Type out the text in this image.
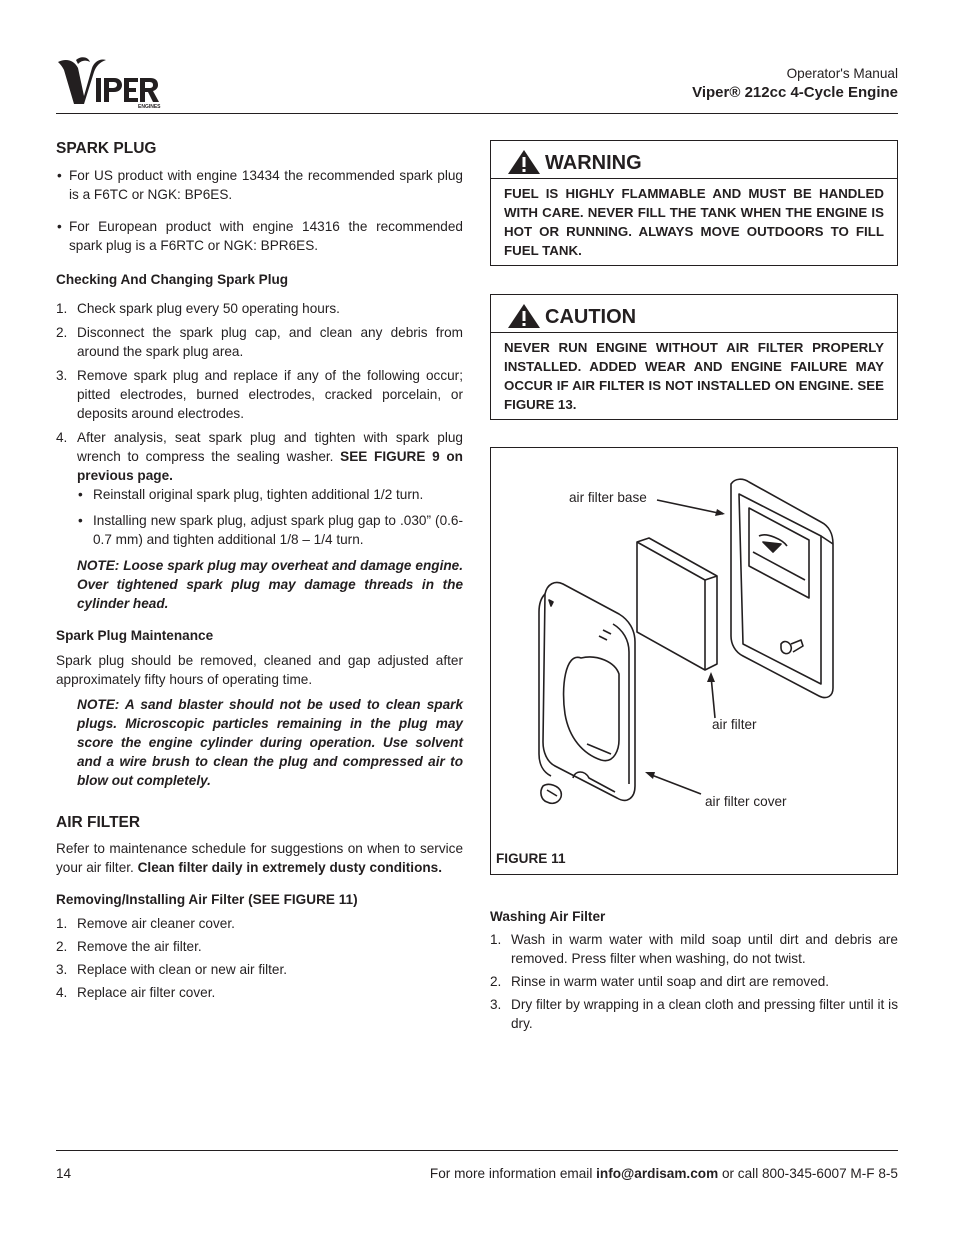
ENGINES
Operator's Manual
Viper® 212cc 4-Cycle Engine
SPARK PLUG
• For US product with engine 13434 the recommended spark plug is a F6TC or NGK: BP6ES.
• For European product with engine 14316 the recommended spark plug is a F6RTC or NGK: BPR6ES.
Checking And Changing Spark Plug
1. Check spark plug every 50 operating hours.
2. Disconnect the spark plug cap, and clean any debris from around the spark plug area.
3. Remove spark plug and replace if any of the following occur; pitted electrodes, burned electrodes, cracked porcelain, or deposits around electrodes.
4. After analysis, seat spark plug and tighten with spark plug wrench to compress the sealing washer. SEE FIGURE 9 on previous page.
• Reinstall original spark plug, tighten additional 1/2 turn.
• Installing new spark plug, adjust spark plug gap to .030” (0.6-0.7 mm) and tighten additional 1/8 – 1/4 turn.
NOTE: Loose spark plug may overheat and damage engine. Over tightened spark plug may damage threads in the cylinder head.
Spark Plug Maintenance
Spark plug should be removed, cleaned and gap adjusted after approximately fifty hours of operating time.
NOTE: A sand blaster should not be used to clean spark plugs. Microscopic particles remaining in the plug may score the engine cylinder during operation. Use solvent and a wire brush to clean the plug and compressed air to blow out completely.
AIR FILTER
Refer to maintenance schedule for suggestions on when to service your air filter. Clean filter daily in extremely dusty conditions.
Removing/Installing Air Filter (SEE FIGURE 11)
1. Remove air cleaner cover.
2. Remove the air filter.
3. Replace with clean or new air filter.
4. Replace air filter cover.
WARNING
FUEL IS HIGHLY FLAMMABLE AND MUST BE HANDLED WITH CARE. NEVER FILL THE TANK WHEN THE ENGINE IS HOT OR RUNNING. ALWAYS MOVE OUTDOORS TO FILL FUEL TANK.
CAUTION
NEVER RUN ENGINE WITHOUT AIR FILTER PROPERLY INSTALLED. ADDED WEAR AND ENGINE FAILURE MAY OCCUR IF AIR FILTER IS NOT INSTALLED ON ENGINE. SEE FIGURE 13.
air filter base
air filter
air filter cover
FIGURE 11
Washing Air Filter
1. Wash in warm water with mild soap until dirt and debris are removed. Press filter when washing, do not twist.
2. Rinse in warm water until soap and dirt are removed.
3. Dry filter by wrapping in a clean cloth and pressing filter until it is dry.
14	For more information email info@ardisam.com or call 800-345-6007 M-F 8-5
